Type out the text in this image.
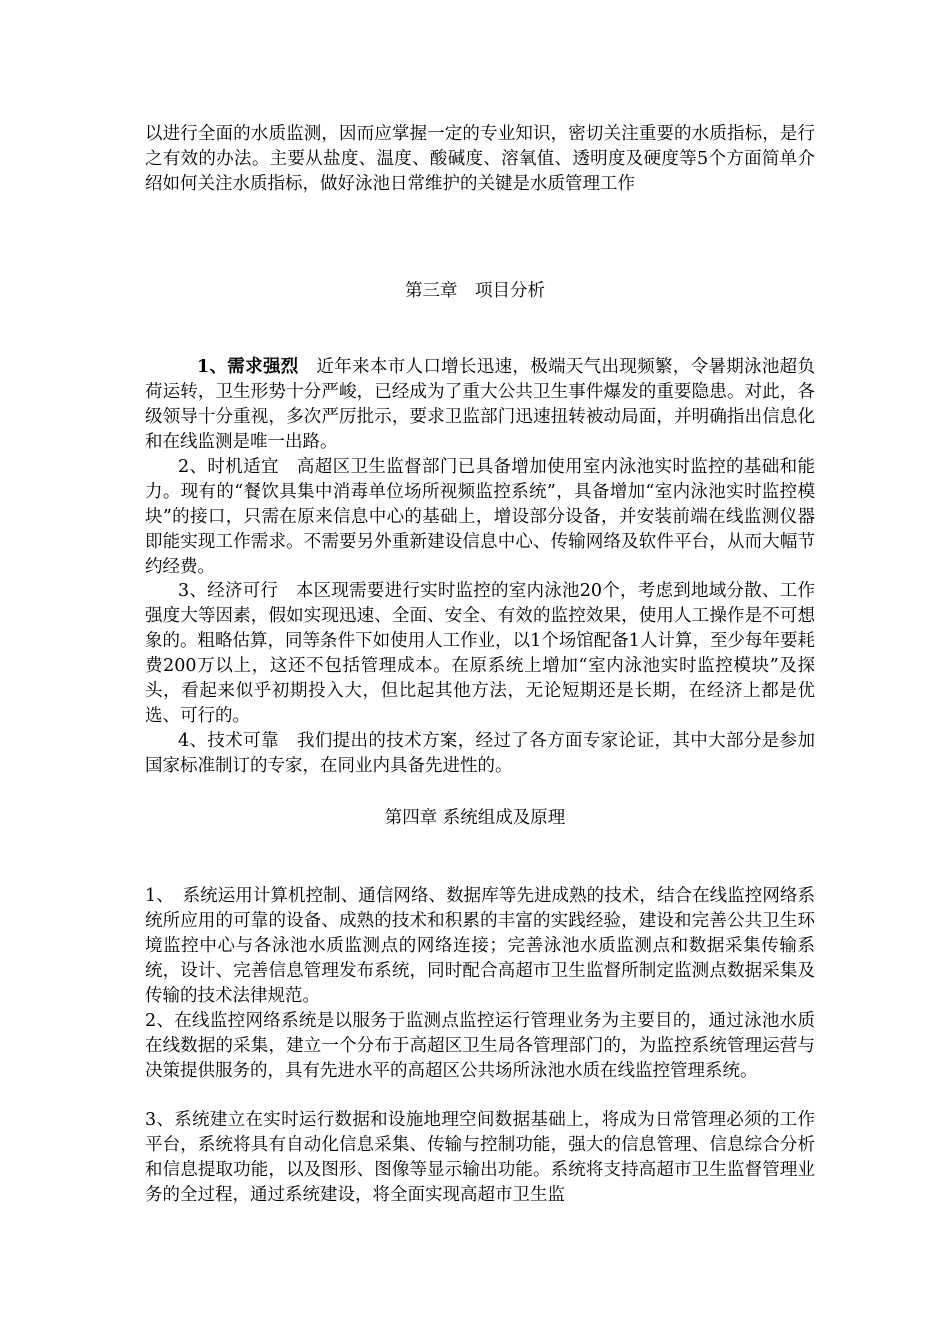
以进行全面的水质监测，因而应掌握一定的专业知识，密切关注重要的水质指标，是行之有效的办法。主要从盐度、温度、酸碱度、溶氧值、透明度及硬度等5个方面简单介绍如何关注水质指标，做好泳池日常维护的关键是水质管理工作

第三章　项目分析

1、需求强烈　近年来本市人口增长迅速，极端天气出现频繁，令暑期泳池超负荷运转，卫生形势十分严峻，已经成为了重大公共卫生事件爆发的重要隐患。对此，各级领导十分重视，多次严厉批示，要求卫监部门迅速扭转被动局面，并明确指出信息化和在线监测是唯一出路。

2、时机适宜　高超区卫生监督部门已具备增加使用室内泳池实时监控的基础和能力。现有的“餐饮具集中消毒单位场所视频监控系统”，具备增加“室内泳池实时监控模块”的接口，只需在原来信息中心的基础上，增设部分设备，并安装前端在线监测仪器即能实现工作需求。不需要另外重新建设信息中心、传输网络及软件平台，从而大幅节约经费。

3、经济可行　本区现需要进行实时监控的室内泳池20个，考虑到地域分散、工作强度大等因素，假如实现迅速、全面、安全、有效的监控效果，使用人工操作是不可想象的。粗略估算，同等条件下如使用人工作业，以1个场馆配备1人计算，至少每年要耗费200万以上，这还不包括管理成本。在原系统上增加“室内泳池实时监控模块”及探头，看起来似乎初期投入大，但比起其他方法，无论短期还是长期，在经济上都是优选、可行的。

4、技术可靠　我们提出的技术方案，经过了各方面专家论证，其中大部分是参加国家标准制订的专家，在同业内具备先进性的。

第四章 系统组成及原理

1、　系统运用计算机控制、通信网络、数据库等先进成熟的技术，结合在线监控网络系统所应用的可靠的设备、成熟的技术和积累的丰富的实践经验，建设和完善公共卫生环境监控中心与各泳池水质监测点的网络连接；完善泳池水质监测点和数据采集传输系统，设计、完善信息管理发布系统，同时配合高超市卫生监督所制定监测点数据采集及传输的技术法律规范。

2、在线监控网络系统是以服务于监测点监控运行管理业务为主要目的，通过泳池水质在线数据的采集，建立一个分布于高超区卫生局各管理部门的，为监控系统管理运营与决策提供服务的，具有先进水平的高超区公共场所泳池水质在线监控管理系统。

3、系统建立在实时运行数据和设施地理空间数据基础上，将成为日常管理必须的工作平台，系统将具有自动化信息采集、传输与控制功能，强大的信息管理、信息综合分析和信息提取功能，以及图形、图像等显示输出功能。系统将支持高超市卫生监督管理业务的全过程，通过系统建设，将全面实现高超市卫生监
